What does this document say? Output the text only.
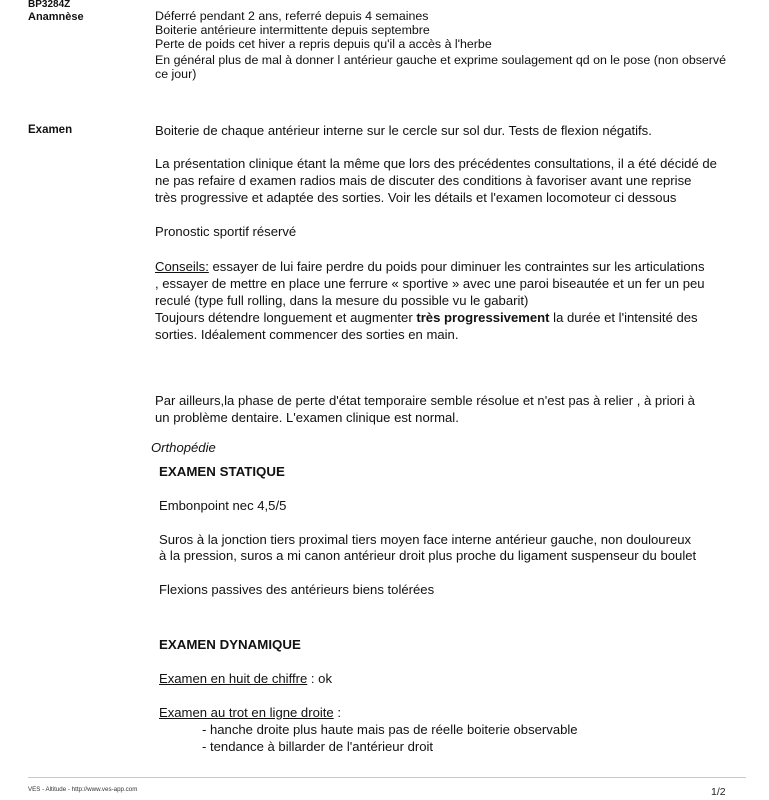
BP3284Z
Anamnèse	Déferré pendant 2 ans, referré depuis 4 semaines
Boiterie antérieure intermittente depuis septembre
Perte de poids cet hiver a repris depuis qu'il a accès à l'herbe
En général plus de mal à donner l antérieur gauche et exprime soulagement qd on le pose (non observé
ce jour)
Examen	Boiterie de chaque antérieur interne sur le cercle sur sol dur. Tests de flexion négatifs.
La présentation clinique étant la même que lors des précédentes consultations, il a été décidé de
ne pas refaire d examen radios mais de discuter des conditions à favoriser avant une reprise
très progressive et adaptée des sorties. Voir les détails et l'examen locomoteur ci dessous
Pronostic sportif réservé
Conseils: essayer de lui faire perdre du poids pour diminuer les contraintes sur les articulations
, essayer de mettre en place une ferrure « sportive » avec une paroi biseautée et un fer un peu
reculé (type full rolling, dans la mesure du possible vu le gabarit)
Toujours détendre longuement et augmenter très progressivement la durée et l'intensité des
sorties. Idéalement commencer des sorties en main.
Par ailleurs,la phase de perte d'état temporaire semble résolue et n'est pas à relier , à priori à
un problème dentaire. L'examen clinique est normal.
Orthopédie
EXAMEN STATIQUE
Embonpoint nec 4,5/5
Suros à la jonction tiers proximal tiers moyen face interne antérieur gauche, non douloureux
à la pression, suros a mi canon antérieur droit plus proche du ligament suspenseur du boulet
Flexions passives des antérieurs biens tolérées
EXAMEN DYNAMIQUE
Examen en huit de chiffre : ok
Examen au trot en ligne droite :
- hanche droite plus haute mais pas de réelle boiterie observable
- tendance à billarder de l'antérieur droit
VES - Altitude - http://www.ves-app.com	1/2
